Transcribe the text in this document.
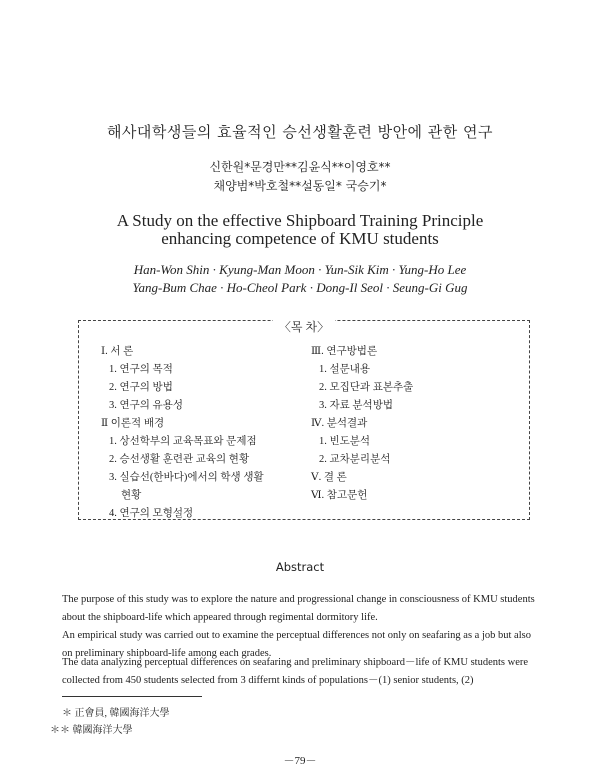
해사대학생들의 효율적인 승선생활훈련 방안에 관한 연구
신한원*문경만**김윤식**이영호**
채양범*박호철**설동일* 국승기*
A Study on the effective Shipboard Training Principle
enhancing competence of KMU students
Han-Won Shin · Kyung-Man Moon · Yun-Sik Kim · Yung-Ho Lee
Yang-Bum Chae · Ho-Cheol Park · Dong-Il Seol · Seung-Gi Gug
〈목 차〉
Ⅰ. 서 론
1. 연구의 목적
2. 연구의 방법
3. 연구의 유용성
Ⅱ 이론적 배경
1. 상선학부의 교육목표와 문제점
2. 승선생활 훈련관 교육의 현황
3. 실습선(한바다)에서의 학생 생활
현황
4. 연구의 모형설정
Ⅲ. 연구방법론
1. 설문내용
2. 모집단과 표본추출
3. 자료 분석방법
Ⅳ. 분석결과
1. 빈도분석
2. 교차분리분석
Ⅴ. 결 론
Ⅵ. 참고문헌
Abstract
The purpose of this study was to explore the nature and progressional change in consciousness of KMU students about the shipboard-life which appeared through regimental dormitory life.
An empirical study was carried out to examine the perceptual differences not only on seafaring as a job but also on preliminary shipboard-life among each grades.
The data analyzing perceptual differences on seafaring and preliminary shipboard－life of KMU students were collected from 450 students selected from 3 differnt kinds of populations－(1) senior students, (2)
＊ 正會員, 韓國海洋大學
＊＊ 韓國海洋大學
－79－
